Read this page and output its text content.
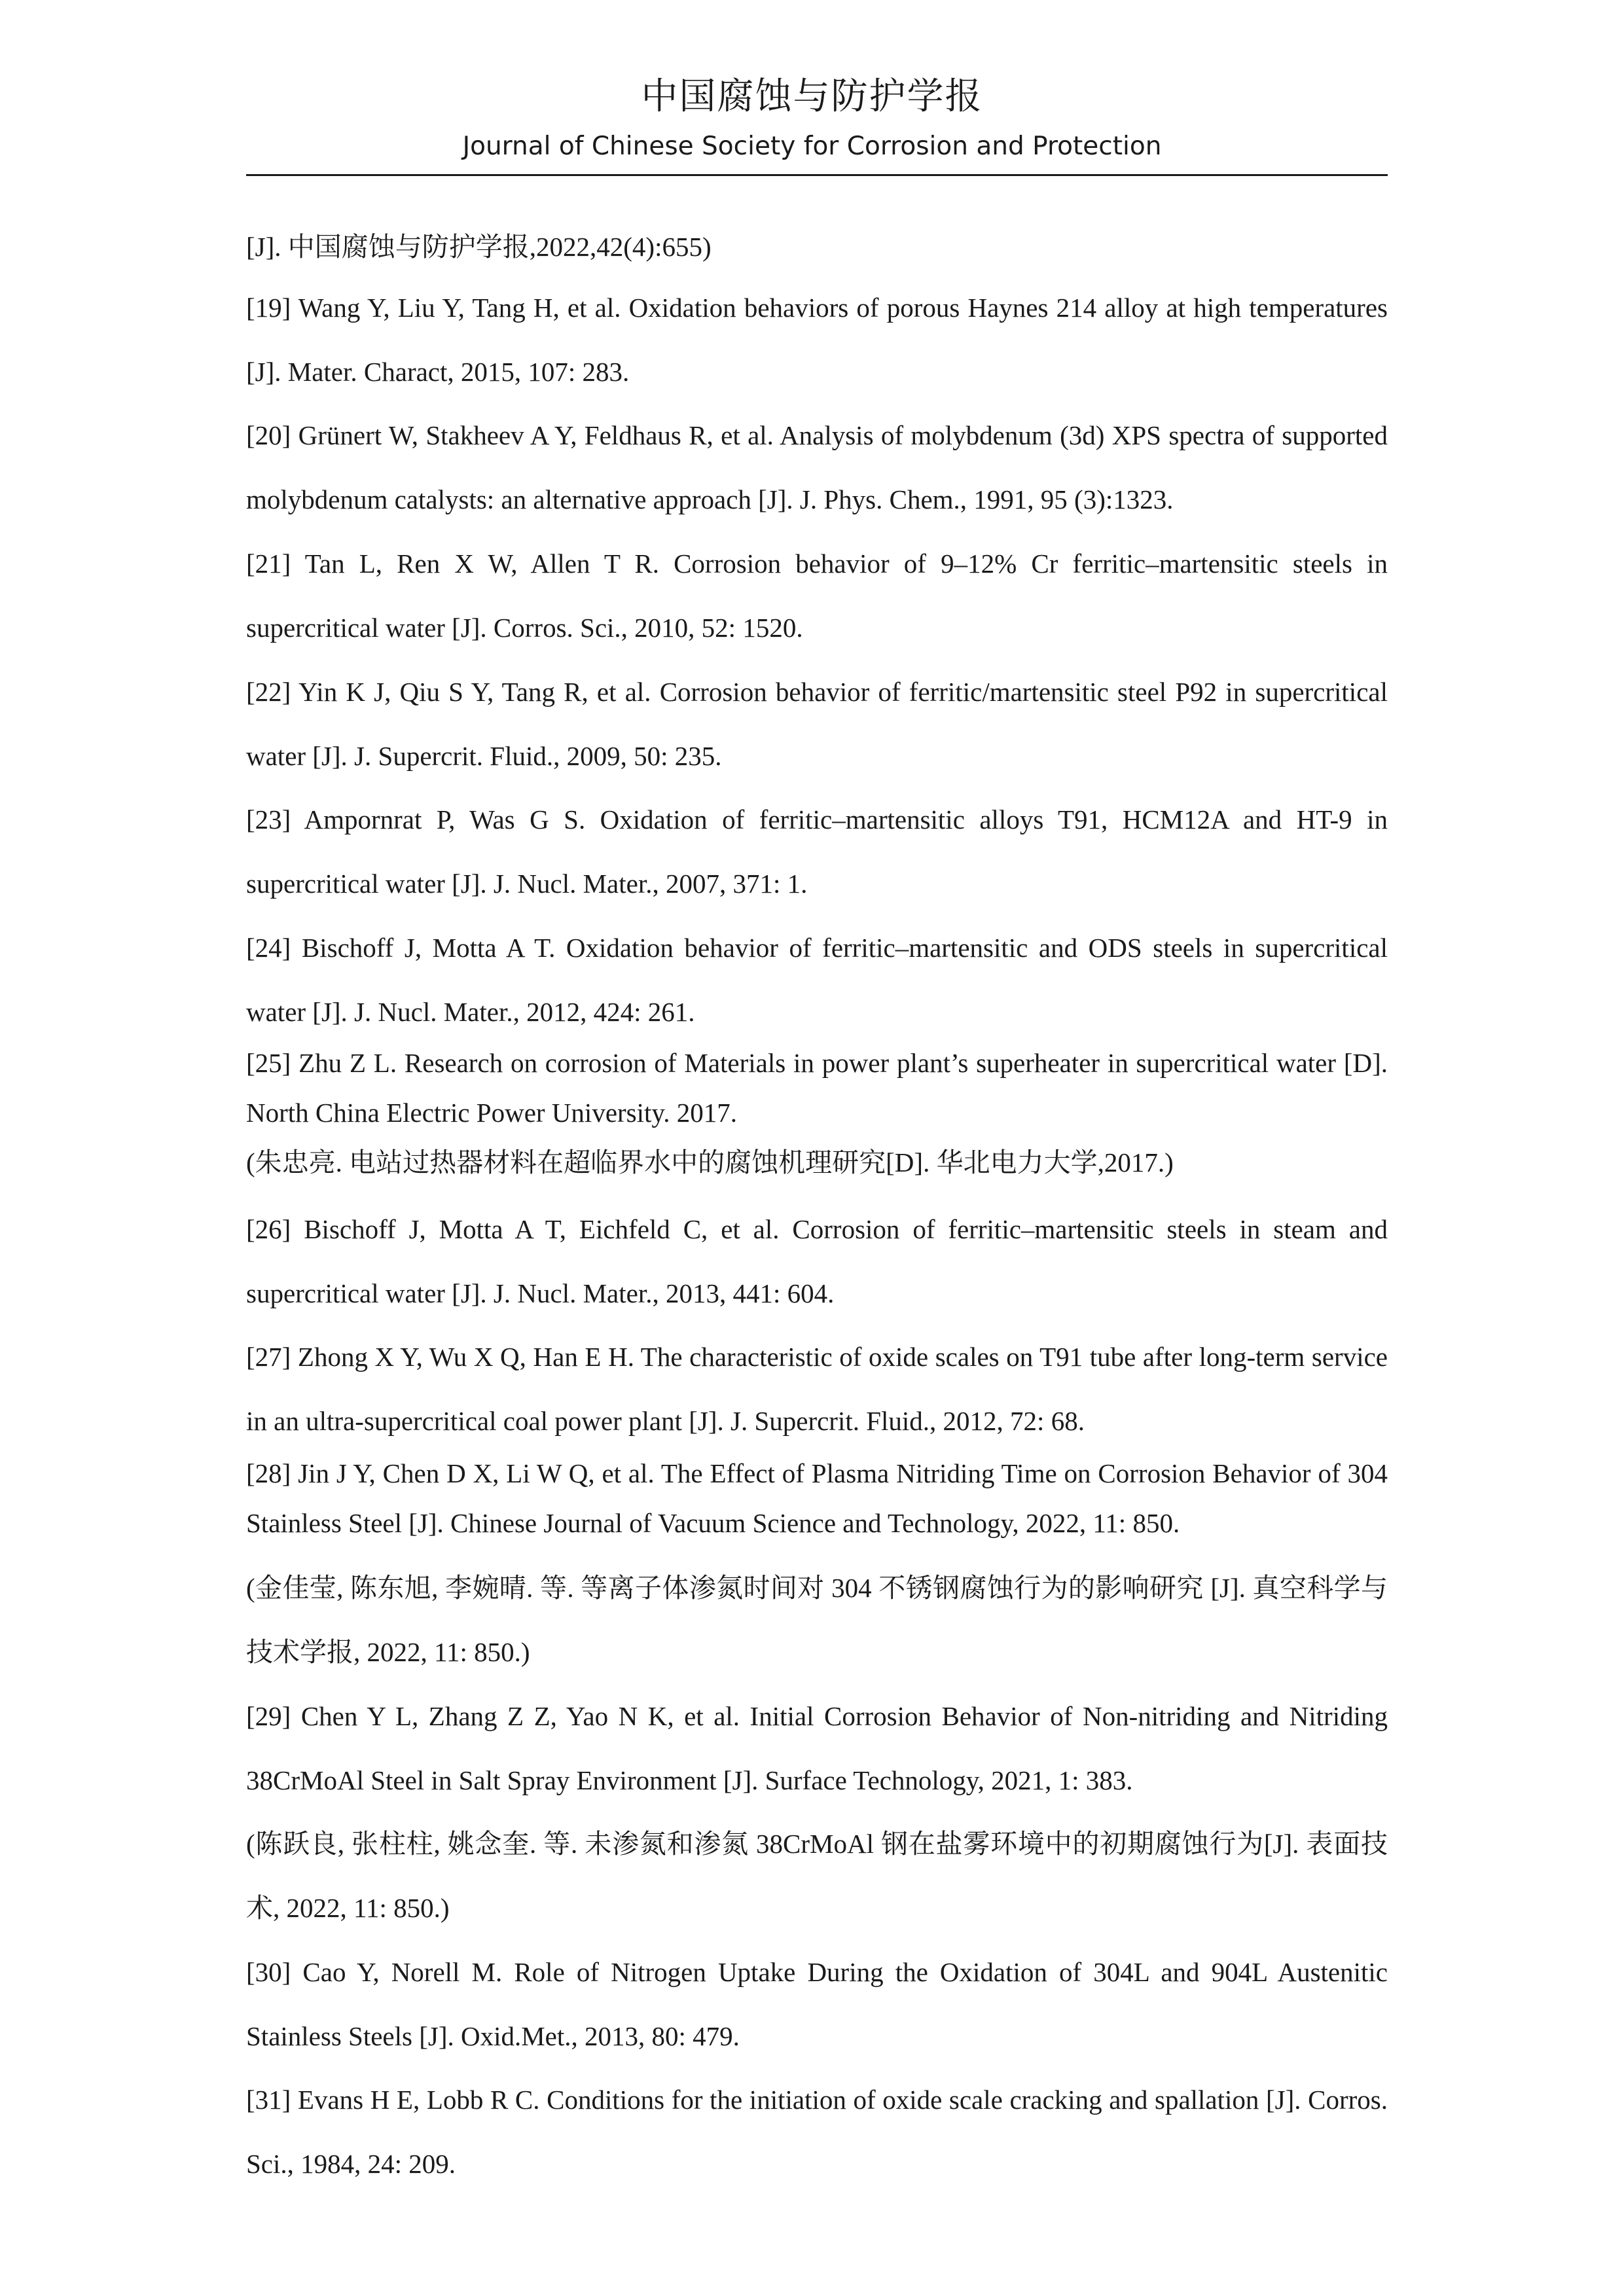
中国腐蚀与防护学报
Journal of Chinese Society for Corrosion and Protection

[J]. 中国腐蚀与防护学报,2022,42(4):655)

[19] Wang Y, Liu Y, Tang H, et al. Oxidation behaviors of porous Haynes 214 alloy at high temperatures [J]. Mater. Charact, 2015, 107: 283.

[20] Grünert W, Stakheev A Y, Feldhaus R, et al. Analysis of molybdenum (3d) XPS spectra of supported molybdenum catalysts: an alternative approach [J]. J. Phys. Chem., 1991, 95 (3):1323.

[21] Tan L, Ren X W, Allen T R. Corrosion behavior of 9–12% Cr ferritic–martensitic steels in supercritical water [J]. Corros. Sci., 2010, 52: 1520.

[22] Yin K J, Qiu S Y, Tang R, et al. Corrosion behavior of ferritic/martensitic steel P92 in supercritical water [J]. J. Supercrit. Fluid., 2009, 50: 235.

[23] Ampornrat P, Was G S. Oxidation of ferritic–martensitic alloys T91, HCM12A and HT-9 in supercritical water [J]. J. Nucl. Mater., 2007, 371: 1.

[24] Bischoff J, Motta A T. Oxidation behavior of ferritic–martensitic and ODS steels in supercritical water [J]. J. Nucl. Mater., 2012, 424: 261.

[25] Zhu Z L. Research on corrosion of Materials in power plant’s superheater in supercritical water [D]. North China Electric Power University. 2017.

(朱忠亮. 电站过热器材料在超临界水中的腐蚀机理研究[D]. 华北电力大学,2017.)

[26] Bischoff J, Motta A T, Eichfeld C, et al. Corrosion of ferritic–martensitic steels in steam and supercritical water [J]. J. Nucl. Mater., 2013, 441: 604.

[27] Zhong X Y, Wu X Q, Han E H. The characteristic of oxide scales on T91 tube after long-term service in an ultra-supercritical coal power plant [J]. J. Supercrit. Fluid., 2012, 72: 68.

[28] Jin J Y, Chen D X, Li W Q, et al. The Effect of Plasma Nitriding Time on Corrosion Behavior of 304 Stainless Steel [J]. Chinese Journal of Vacuum Science and Technology, 2022, 11: 850.

(金佳莹, 陈东旭, 李婉晴. 等. 等离子体渗氮时间对 304 不锈钢腐蚀行为的影响研究 [J]. 真空科学与技术学报, 2022, 11: 850.)

[29] Chen Y L, Zhang Z Z, Yao N K, et al. Initial Corrosion Behavior of Non-nitriding and Nitriding 38CrMoAl Steel in Salt Spray Environment [J]. Surface Technology, 2021, 1: 383.

(陈跃良, 张柱柱, 姚念奎. 等. 未渗氮和渗氮 38CrMoAl 钢在盐雾环境中的初期腐蚀行为[J]. 表面技术, 2022, 11: 850.)

[30] Cao Y, Norell M. Role of Nitrogen Uptake During the Oxidation of 304L and 904L Austenitic Stainless Steels [J]. Oxid.Met., 2013, 80: 479.

[31] Evans H E, Lobb R C. Conditions for the initiation of oxide scale cracking and spallation [J]. Corros. Sci., 1984, 24: 209.
